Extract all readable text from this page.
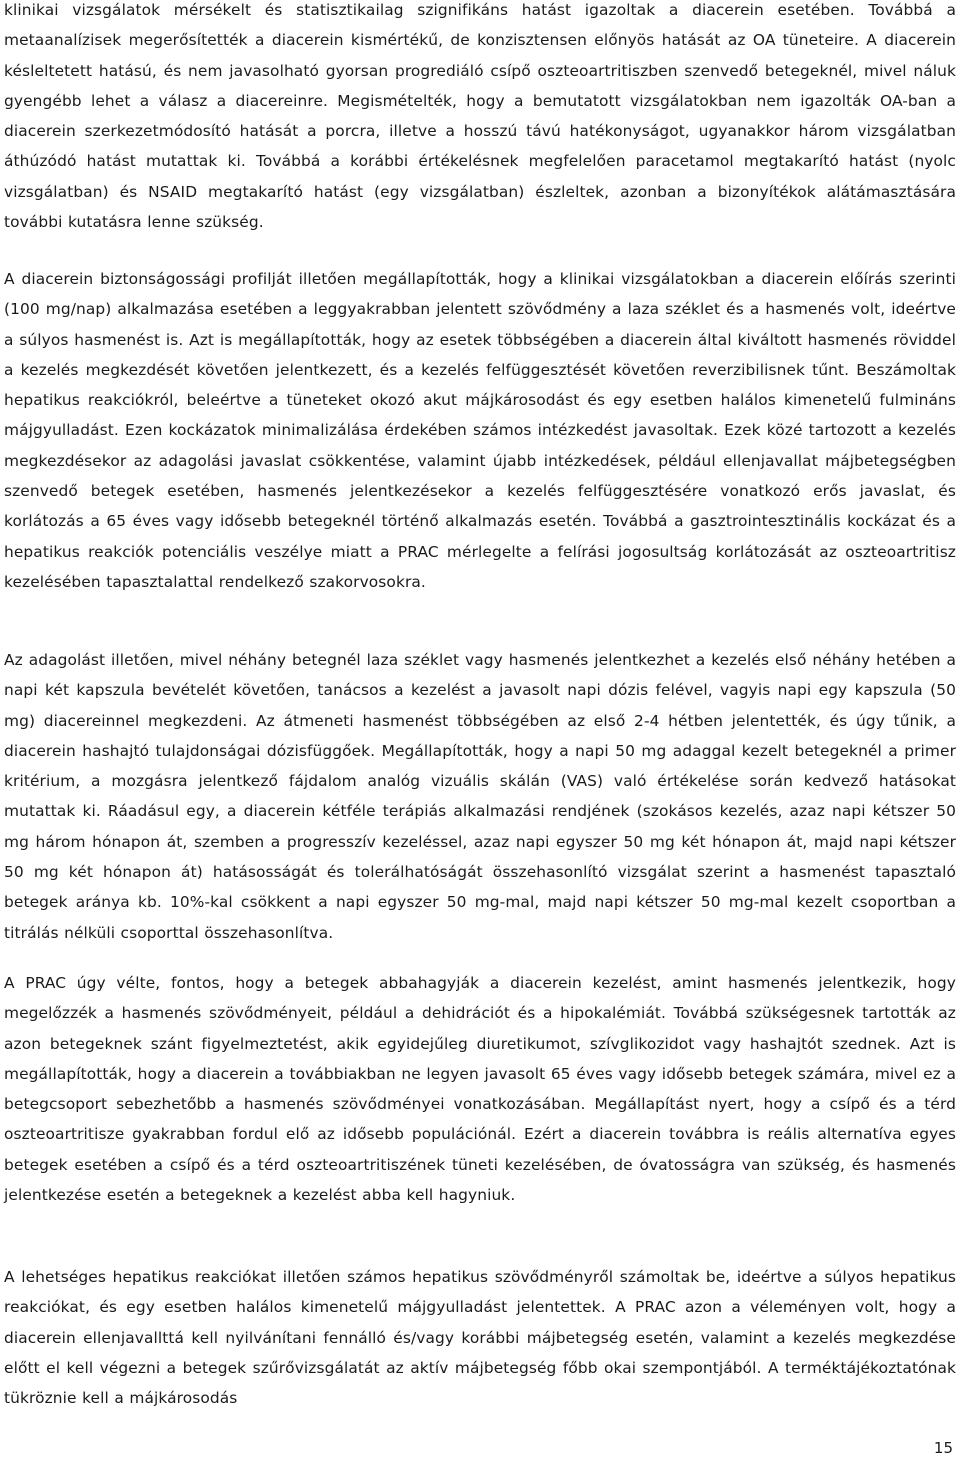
klinikai vizsgálatok mérsékelt és statisztikailag szignifikáns hatást igazoltak a diacerein esetében. Továbbá a metaanalízisek megerősítették a diacerein kismértékű, de konzisztensen előnyös hatását az OA tüneteire. A diacerein késleltetett hatású, és nem javasolható gyorsan progrediáló csípő oszteoartritiszben szenvedő betegeknél, mivel náluk gyengébb lehet a válasz a diacereinre. Megismételték, hogy a bemutatott vizsgálatokban nem igazolták OA-ban a diacerein szerkezetmódosító hatását a porcra, illetve a hosszú távú hatékonyságot, ugyanakkor három vizsgálatban áthúzódó hatást mutattak ki. Továbbá a korábbi értékelésnek megfelelően paracetamol megtakarító hatást (nyolc vizsgálatban) és NSAID megtakarító hatást (egy vizsgálatban) észleltek, azonban a bizonyítékok alátámasztására további kutatásra lenne szükség.

A diacerein biztonságossági profilját illetően megállapították, hogy a klinikai vizsgálatokban a diacerein előírás szerinti (100 mg/nap) alkalmazása esetében a leggyakrabban jelentett szövődmény a laza széklet és a hasmenés volt, ideértve a súlyos hasmenést is. Azt is megállapították, hogy az esetek többségében a diacerein által kiváltott hasmenés röviddel a kezelés megkezdését követően jelentkezett, és a kezelés felfüggesztését követően reverzibilisnek tűnt. Beszámoltak hepatikus reakciókról, beleértve a tüneteket okozó akut májkárosodást és egy esetben halálos kimenetelű fulmináns májgyulladást. Ezen kockázatok minimalizálása érdekében számos intézkedést javasoltak. Ezek közé tartozott a kezelés megkezdésekor az adagolási javaslat csökkentése, valamint újabb intézkedések, például ellenjavallat májbetegségben szenvedő betegek esetében, hasmenés jelentkezésekor a kezelés felfüggesztésére vonatkozó erős javaslat, és korlátozás a 65 éves vagy idősebb betegeknél történő alkalmazás esetén. Továbbá a gasztrointesztinális kockázat és a hepatikus reakciók potenciális veszélye miatt a PRAC mérlegelte a felírási jogosultság korlátozását az oszteoartritisz kezelésében tapasztalattal rendelkező szakorvosokra.

Az adagolást illetően, mivel néhány betegnél laza széklet vagy hasmenés jelentkezhet a kezelés első néhány hetében a napi két kapszula bevételét követően, tanácsos a kezelést a javasolt napi dózis felével, vagyis napi egy kapszula (50 mg) diacereinnel megkezdeni. Az átmeneti hasmenést többségében az első 2-4 hétben jelentették, és úgy tűnik, a diacerein hashajtó tulajdonságai dózisfüggőek. Megállapították, hogy a napi 50 mg adaggal kezelt betegeknél a primer kritérium, a mozgásra jelentkező fájdalom analóg vizuális skálán (VAS) való értékelése során kedvező hatásokat mutattak ki. Ráadásul egy, a diacerein kétféle terápiás alkalmazási rendjének (szokásos kezelés, azaz napi kétszer 50 mg három hónapon át, szemben a progresszív kezeléssel, azaz napi egyszer 50 mg két hónapon át, majd napi kétszer 50 mg két hónapon át) hatásosságát és tolerálhatóságát összehasonlító vizsgálat szerint a hasmenést tapasztaló betegek aránya kb. 10%-kal csökkent a napi egyszer 50 mg-mal, majd napi kétszer 50 mg-mal kezelt csoportban a titrálás nélküli csoporttal összehasonlítva.

A PRAC úgy vélte, fontos, hogy a betegek abbahagyják a diacerein kezelést, amint hasmenés jelentkezik, hogy megelőzzék a hasmenés szövődményeit, például a dehidrációt és a hipokalémiát. Továbbá szükségesnek tartották az azon betegeknek szánt figyelmeztetést, akik egyidejűleg diuretikumot, szívglikozidot vagy hashajtót szednek. Azt is megállapították, hogy a diacerein a továbbiakban ne legyen javasolt 65 éves vagy idősebb betegek számára, mivel ez a betegcsoport sebezhetőbb a hasmenés szövődményei vonatkozásában. Megállapítást nyert, hogy a csípő és a térd oszteoartritisze gyakrabban fordul elő az idősebb populációnál. Ezért a diacerein továbbra is reális alternatíva egyes betegek esetében a csípő és a térd oszteoartritiszének tüneti kezelésében, de óvatosságra van szükség, és hasmenés jelentkezése esetén a betegeknek a kezelést abba kell hagyniuk.

A lehetséges hepatikus reakciókat illetően számos hepatikus szövődményről számoltak be, ideértve a súlyos hepatikus reakciókat, és egy esetben halálos kimenetelű májgyulladást jelentettek. A PRAC azon a véleményen volt, hogy a diacerein ellenjavallttá kell nyilvánítani fennálló és/vagy korábbi májbetegség esetén, valamint a kezelés megkezdése előtt el kell végezni a betegek szűrővizsgálatát az aktív májbetegség főbb okai szempontjából. A terméktájékoztatónak tükröznie kell a májkárosodás

15
